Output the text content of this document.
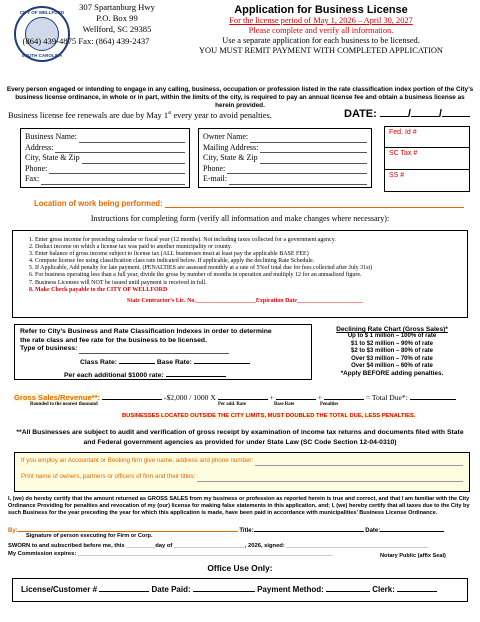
CITY OF WELLFORD
SOUTH CAROLINA
307 Spartanburg Hwy
P.O. Box 99
Wellford, SC 29385
(864) 439-4875 Fax: (864) 439-2437
Application for Business License
For the license period of May 1, 2026 – April 30, 2027
Please complete and verify all information.
Use a separate application for each business to be licensed.
YOU MUST REMIT PAYMENT WITH COMPLETED APPLICATION
Every person engaged or intending to engage in any calling, business, occupation or profession listed in the rate classification index portion of the City’s business license ordinance, in whole or in part, within the limits of the city, is required to pay an annual license fee and obtain a business license as herein provided.
Business license fee renewals are due by May 1st every year to avoid penalties.	DATE:	/	/
Business Name:
Address:
City, State & Zip
Phone:
Fax:
Owner Name:
Mailing Address:
City, State & Zip
Phone:
E-mail:
Fed. Id #
SC Tax #
SS #
Location of work being performed:
Instructions for completing form (verify all information and make changes where necessary):
1. Enter gross income for preceding calendar or fiscal year (12 months). Not including taxes collected for a government agency.
2. Deduct income on which a license tax was paid to another municipality or county.
3. Enter balance of gross income subject to license tax (ALL businesses must at least pay the applicable BASE FEE)
4. Compute license fee using classification class rate indicated below. If applicable, apply the declining Rate Schedule.
5. If Applicable, Add penalty for late payment. (PENALTIES are assessed monthly at a rate of 5%of total due for fees collected after July 31st)
6. For business operating less than a full year, divide the gross by number of months in operation and multiply 12 for an annualized figure.
7. Business Licenses will NOT be issued until payment is received in full.
8. Make Check payable to the CITY OF WELLFORD
State Contractor’s Lic. No.____________________Expiration Date______________________
Refer to City’s Business and Rate Classification Indexes in order to determine
the rate class and fee rate for the business to be licensed.
Type of business:
Class Rate:	Base Rate:
Per each additional $1000 rate:
Declining Rate Chart (Gross Sales)*
Up to $ 1 million – 100% of rate
$1 to $2 million – 90% of rate
$2 to $3 million – 80% of rate
Over $3 million – 70% of rate
Over $4 million – 60% of rate
*Apply BEFORE adding penalties.
Gross Sales/Revenue**:	-$2,000 / 1000 X	+	+	= Total Due*:
Rounded to the nearest thousand	Per add. Rate	Base Rate	Penalties
BUSINESSES LOCATED OUTSIDE THE CITY LIMITS, MUST DOUBLED THE TOTAL DUE, LESS PENALTIES.
**All Businesses are subject to audit and verification of gross receipt by examination of income tax returns and documents filed with State and Federal government agencies as provided for under State Law (SC Code Section 12-04-0310)
If you employ an Accountant or Booking firm give name, address and phone number:
Print name of owners, partners or officers of firm and their titles:
I, (we) do hereby certify that the amount returned as GROSS SALES from my business or profession as reported herein is true and correct, and that I am familiar with the City Ordinance Providing for penalties and revocation of my (our) license for making false statements in this application, and; I, (we) hereby certify that all taxes due to the City by such Business for the year preceding the year for which this application is made, have been paid in accordance with municipalities’ Business License Ordinance.
By:	Title:	Date:
Signature of person executing for Firm or Corp.
SWORN to and subscribed before me, this _________day of ______________________, 2026, signed: ____________________________________________
My Commission expires: _______________________________________________________________________________	Notary Public (affix Seal)
Office Use Only:
License/Customer #	Date Paid:	Payment Method:	Clerk:
